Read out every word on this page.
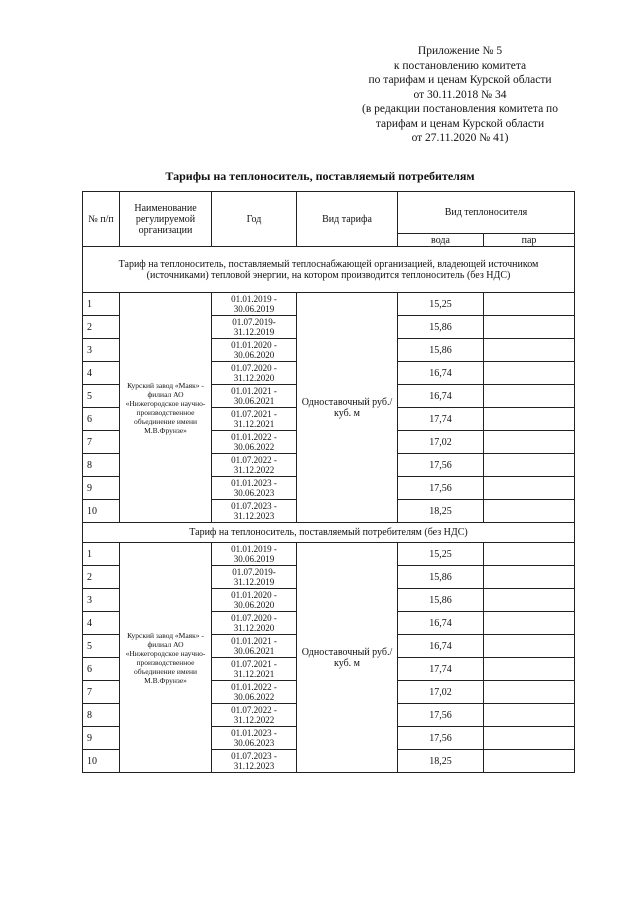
Приложение № 5
к постановлению комитета
по тарифам и ценам Курской области
от 30.11.2018 № 34
(в редакции постановления комитета по
тарифам и ценам Курской области
от 27.11.2020 № 41)
Тарифы на теплоноситель, поставляемый потребителям
№ п/п	Наименование регулируемой организации	Год	Вид тарифа	Вид теплоносителя	
				вода	пар
Тариф на теплоноситель, поставляемый теплоснабжающей организацией, владеющей источником (источниками) тепловой энергии, на котором производится теплоноситель (без НДС)					
1	Курский завод «Маяк» - филиал АО «Нижегородское научно-производственное объединение имени М.В.Фрунзе»	01.01.2019 - 30.06.2019	Одноставочный руб./куб. м	15,25	
2		01.07.2019- 31.12.2019		15,86	
3		01.01.2020 - 30.06.2020		15,86	
4		01.07.2020 - 31.12.2020		16,74	
5		01.01.2021 - 30.06.2021		16,74	
6		01.07.2021 - 31.12.2021		17,74	
7		01.01.2022 - 30.06.2022		17,02	
8		01.07.2022 - 31.12.2022		17,56	
9		01.01.2023 - 30.06.2023		17,56	
10		01.07.2023 - 31.12.2023		18,25	
Тариф на теплоноситель, поставляемый потребителям (без НДС)					
1	Курский завод «Маяк» - филиал АО «Нижегородское научно-производственное объединение имени М.В.Фрунзе»	01.01.2019 - 30.06.2019	Одноставочный руб./куб. м	15,25	
2		01.07.2019- 31.12.2019		15,86	
3		01.01.2020 - 30.06.2020		15,86	
4		01.07.2020 - 31.12.2020		16,74	
5		01.01.2021 - 30.06.2021		16,74	
6		01.07.2021 - 31.12.2021		17,74	
7		01.01.2022 - 30.06.2022		17,02	
8		01.07.2022 - 31.12.2022		17,56	
9		01.01.2023 - 30.06.2023		17,56	
10		01.07.2023 - 31.12.2023		18,25	
